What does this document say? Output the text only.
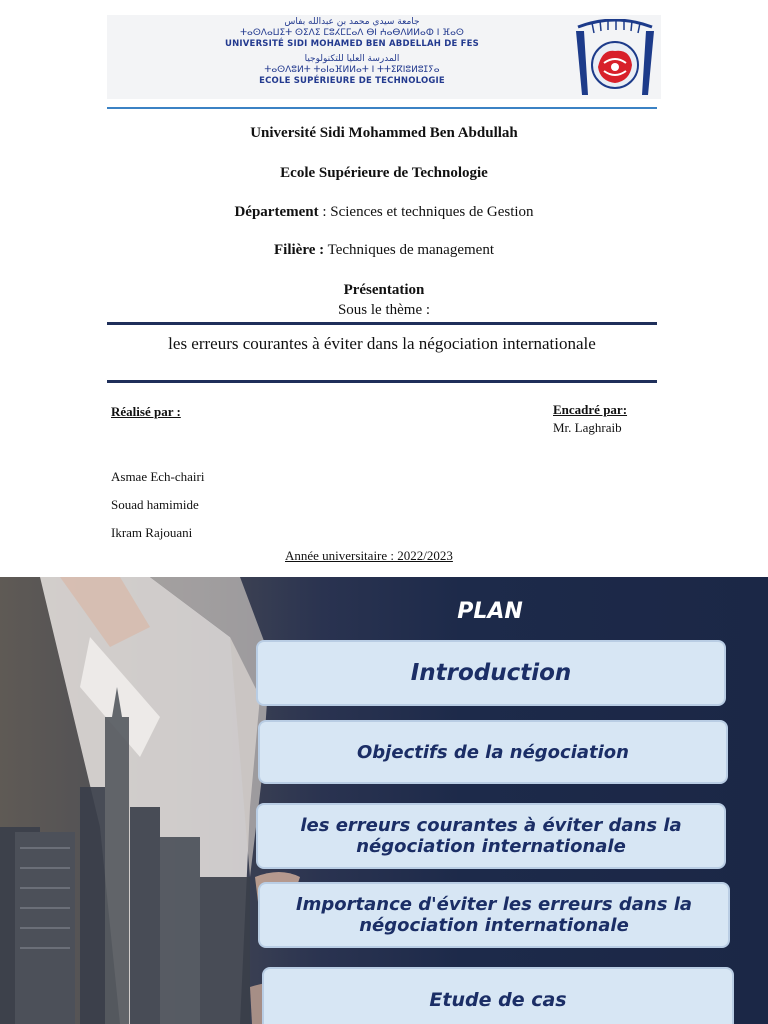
جامعة سيدي محمد بن عبدالله بفاس
ⵜⴰⵙⴷⴰⵡⵉⵜ ⵙⵉⴷⵉ ⵎⵓⵃⵎⵎⴰⴷ ⴱⵏ ⵄⴰⴱⴷⵍⵍⴰⵀ ⵏ ⴼⴰⵙ
UNIVERSITÉ SIDI MOHAMED BEN ABDELLAH DE FES
المدرسة العليا للتكنولوجيا
ⵜⴰⵙⴷⵓⵍⵜ ⵜⴰⵏⴰⴼⵍⵍⴰⵜ ⵏ ⵜⵜⵉⴽⵏⵓⵍⵓⵊⵢⴰ
ECOLE SUPÉRIEURE DE TECHNOLOGIE
Université Sidi Mohammed Ben Abdullah
Ecole Supérieure de Technologie
Département : Sciences et techniques de Gestion
Filière : Techniques de management
Présentation
Sous le thème :
les erreurs courantes à éviter dans la négociation internationale
Réalisé par :	Encadré par:
Mr. Laghraib
Asmae Ech-chairi
Souad hamimide
Ikram Rajouani
Année universitaire : 2022/2023
PLAN
Introduction
Objectifs de la négociation
les erreurs courantes à éviter dans la négociation internationale
Importance d'éviter les erreurs dans la négociation internationale
Etude de cas
